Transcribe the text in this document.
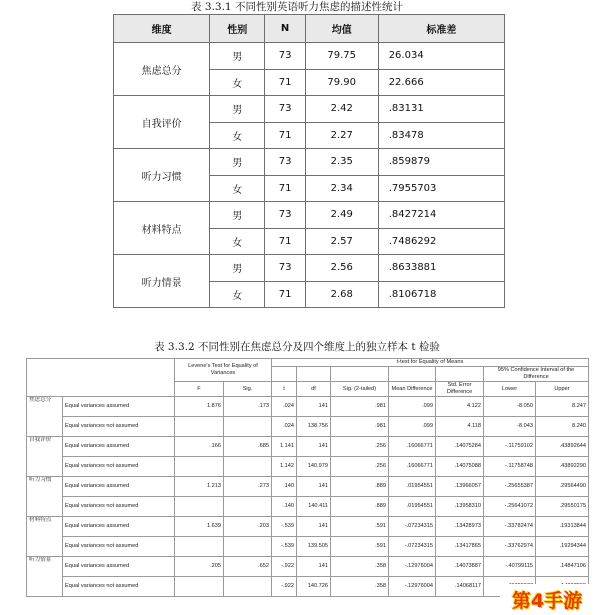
表 3.3.1 不同性别英语听力焦虑的描述性统计
维度	性别	N	均值	标准差
焦虑总分	男	73	79.75	26.034
	女	71	79.90	22.666
自我评价	男	73	2.42	.83131
	女	71	2.27	.83478
听力习惯	男	73	2.35	.859879
	女	71	2.34	.7955703
材料特点	男	73	2.49	.8427214
	女	71	2.57	.7486292
听力情景	男	73	2.56	.8633881
	女	71	2.68	.8106718
表 3.3.2 不同性别在焦虑总分及四个维度上的独立样本 t 检验
		Levene's Test for Equality of Variances		t-test for Equality of Means						
									95% Confidence Interval of the Difference	
		F	Sig.	t	df	Sig. (2-tailed)	Mean Difference	Std. Error Difference	Lower	Upper
焦虑总分	Equal variances assumed	1.876	.173	.024	141	.981	.099	4.122	-8.050	8.247
	Equal variances not assumed			.024	138.756	.981	.099	4.118	-8.043	8.240
自我评价	Equal variances assumed	.166	.685	1.141	141	.256	.16066771	.14075284	-.11759102	.43892644
	Equal variances not assumed			1.142	140.979	.256	.16066771	.14075088	-.11758748	.43892290
听力习惯	Equal variances assumed	1.213	.273	.140	141	.889	.01954551	.13966057	-.25655387	.29564490
	Equal variances not assumed			.140	140.411	.889	.01954551	.13958310	-.25641072	.29550175
材料特点	Equal variances assumed	1.639	.203	-.539	141	.591	-.07234315	.13428973	-.33782474	.19313844
	Equal variances not assumed			-.539	139.505	.591	-.07234315	.13417865	-.33762974	.19294344
听力情景	Equal variances assumed	.205	.652	-.922	141	.358	-.12976004	.14073887	-.40799115	.14847106
	Equal variances not assumed			-.922	140.726	.358	-.12976004	.14068117		
第4手游
